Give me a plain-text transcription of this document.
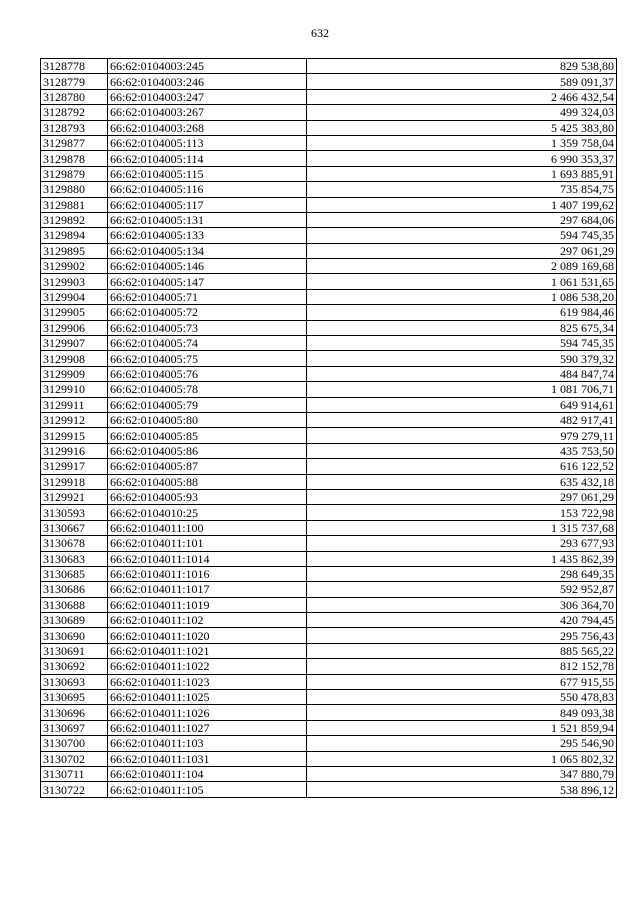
632
3128778	66:62:0104003:245	829 538,80
3128779	66:62:0104003:246	589 091,37
3128780	66:62:0104003:247	2 466 432,54
3128792	66:62:0104003:267	499 324,03
3128793	66:62:0104003:268	5 425 383,80
3129877	66:62:0104005:113	1 359 758,04
3129878	66:62:0104005:114	6 990 353,37
3129879	66:62:0104005:115	1 693 885,91
3129880	66:62:0104005:116	735 854,75
3129881	66:62:0104005:117	1 407 199,62
3129892	66:62:0104005:131	297 684,06
3129894	66:62:0104005:133	594 745,35
3129895	66:62:0104005:134	297 061,29
3129902	66:62:0104005:146	2 089 169,68
3129903	66:62:0104005:147	1 061 531,65
3129904	66:62:0104005:71	1 086 538,20
3129905	66:62:0104005:72	619 984,46
3129906	66:62:0104005:73	825 675,34
3129907	66:62:0104005:74	594 745,35
3129908	66:62:0104005:75	590 379,32
3129909	66:62:0104005:76	484 847,74
3129910	66:62:0104005:78	1 081 706,71
3129911	66:62:0104005:79	649 914,61
3129912	66:62:0104005:80	482 917,41
3129915	66:62:0104005:85	979 279,11
3129916	66:62:0104005:86	435 753,50
3129917	66:62:0104005:87	616 122,52
3129918	66:62:0104005:88	635 432,18
3129921	66:62:0104005:93	297 061,29
3130593	66:62:0104010:25	153 722,98
3130667	66:62:0104011:100	1 315 737,68
3130678	66:62:0104011:101	293 677,93
3130683	66:62:0104011:1014	1 435 862,39
3130685	66:62:0104011:1016	298 649,35
3130686	66:62:0104011:1017	592 952,87
3130688	66:62:0104011:1019	306 364,70
3130689	66:62:0104011:102	420 794,45
3130690	66:62:0104011:1020	295 756,43
3130691	66:62:0104011:1021	885 565,22
3130692	66:62:0104011:1022	812 152,78
3130693	66:62:0104011:1023	677 915,55
3130695	66:62:0104011:1025	550 478,83
3130696	66:62:0104011:1026	849 093,38
3130697	66:62:0104011:1027	1 521 859,94
3130700	66:62:0104011:103	295 546,90
3130702	66:62:0104011:1031	1 065 802,32
3130711	66:62:0104011:104	347 880,79
3130722	66:62:0104011:105	538 896,12
